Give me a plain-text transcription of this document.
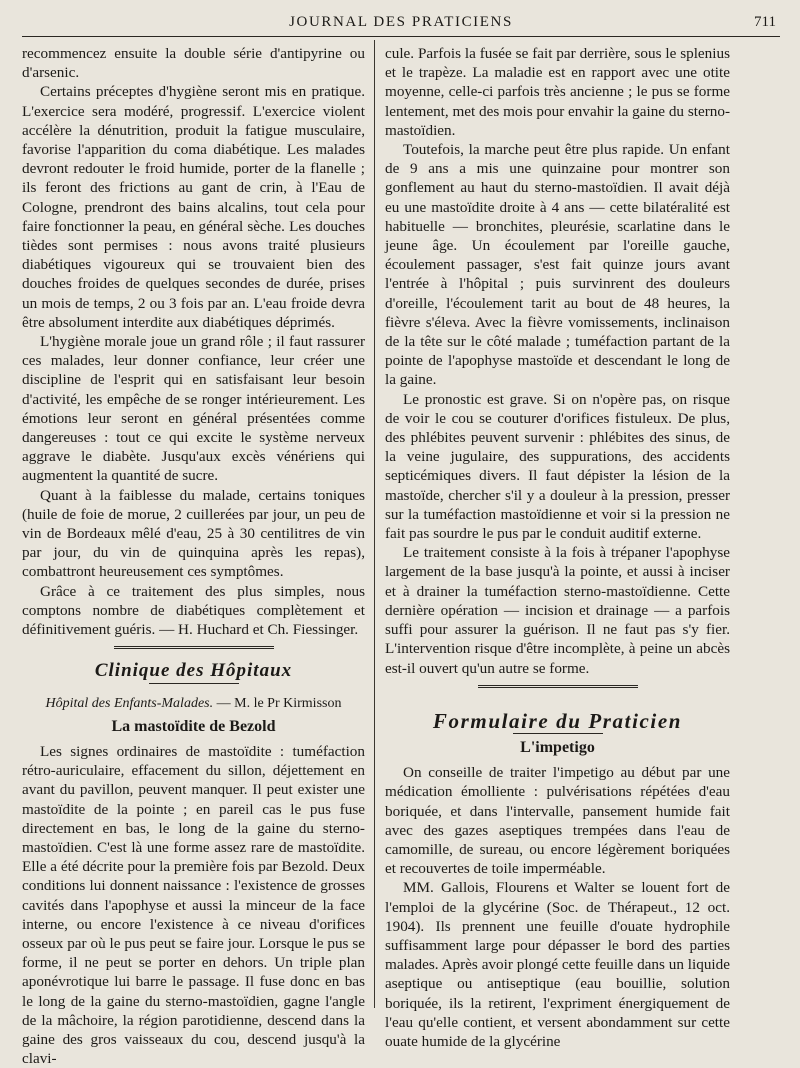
JOURNAL DES PRATICIENS	711

recommencez ensuite la double série d'antipyrine ou d'arsenic.

Certains préceptes d'hygiène seront mis en pratique. L'exercice sera modéré, progressif. L'exercice violent accélère la dénutrition, produit la fatigue musculaire, favorise l'apparition du coma diabétique. Les malades devront redouter le froid humide, porter de la flanelle ; ils feront des frictions au gant de crin, à l'Eau de Cologne, prendront des bains alcalins, tout cela pour faire fonctionner la peau, en général sèche. Les douches tièdes sont permises : nous avons traité plusieurs diabétiques vigoureux qui se trouvaient bien des douches froides de quelques secondes de durée, prises un mois de temps, 2 ou 3 fois par an. L'eau froide devra être absolument interdite aux diabétiques déprimés.

L'hygiène morale joue un grand rôle ; il faut rassurer ces malades, leur donner confiance, leur créer une discipline de l'esprit qui en satisfaisant leur besoin d'activité, les empêche de se ronger intérieurement. Les émotions leur seront en général présentées comme dangereuses : tout ce qui excite le système nerveux aggrave le diabète. Jusqu'aux excès vénériens qui augmentent la quantité de sucre.

Quant à la faiblesse du malade, certains toniques (huile de foie de morue, 2 cuillerées par jour, un peu de vin de Bordeaux mêlé d'eau, 25 à 30 centilitres de vin par jour, du vin de quinquina après les repas), combattront heureusement ces symptômes.

Grâce à ce traitement des plus simples, nous comptons nombre de diabétiques complètement et définitivement guéris. — H. Huchard et Ch. Fiessinger.

Clinique des Hôpitaux
Hôpital des Enfants-Malades. — M. le Pr Kirmisson
La mastoïdite de Bezold

Les signes ordinaires de mastoïdite : tuméfaction rétro-auriculaire, effacement du sillon, déjettement en avant du pavillon, peuvent manquer. Il peut exister une mastoïdite de la pointe ; en pareil cas le pus fuse directement en bas, le long de la gaine du sterno-mastoïdien. C'est là une forme assez rare de mastoïdite. Elle a été décrite pour la première fois par Bezold. Deux conditions lui donnent naissance : l'existence de grosses cavités dans l'apophyse et aussi la minceur de la face interne, ou encore l'existence à ce niveau d'orifices osseux par où le pus peut se faire jour. Lorsque le pus se forme, il ne peut se porter en dehors. Un triple plan aponévrotique lui barre le passage. Il fuse donc en bas le long de la gaine du sterno-mastoïdien, gagne l'angle de la mâchoire, la région parotidienne, descend dans la gaine des gros vaisseaux du cou, descend jusqu'à la clavi-

cule. Parfois la fusée se fait par derrière, sous le splenius et le trapèze. La maladie est en rapport avec une otite moyenne, celle-ci parfois très ancienne ; le pus se forme lentement, met des mois pour envahir la gaine du sterno-mastoïdien.

Toutefois, la marche peut être plus rapide. Un enfant de 9 ans a mis une quinzaine pour montrer son gonflement au haut du sterno-mastoïdien. Il avait déjà eu une mastoïdite droite à 4 ans — cette bilatéralité est habituelle — bronchites, pleurésie, scarlatine dans le jeune âge. Un écoulement par l'oreille gauche, écoulement passager, s'est fait quinze jours avant l'entrée à l'hôpital ; puis survinrent des douleurs d'oreille, l'écoulement tarit au bout de 48 heures, la fièvre s'éleva. Avec la fièvre vomissements, inclinaison de la tête sur le côté malade ; tuméfaction partant de la pointe de l'apophyse mastoïde et descendant le long de la gaine.

Le pronostic est grave. Si on n'opère pas, on risque de voir le cou se couturer d'orifices fistuleux. De plus, des phlébites peuvent survenir : phlébites des sinus, de la veine jugulaire, des suppurations, des accidents septicémiques divers. Il faut dépister la lésion de la mastoïde, chercher s'il y a douleur à la pression, presser sur la tuméfaction mastoïdienne et voir si la pression ne fait pas sourdre le pus par le conduit auditif externe.

Le traitement consiste à la fois à trépaner l'apophyse largement de la base jusqu'à la pointe, et aussi à inciser et à drainer la tuméfaction sterno-mastoïdienne. Cette dernière opération — incision et drainage — a parfois suffi pour assurer la guérison. Il ne faut pas s'y fier. L'intervention risque d'être incomplète, à peine un abcès est-il ouvert qu'un autre se forme.

Formulaire du Praticien
L'impetigo

On conseille de traiter l'impetigo au début par une médication émolliente : pulvérisations répétées d'eau boriquée, et dans l'intervalle, pansement humide fait avec des gazes aseptiques trempées dans l'eau de camomille, de sureau, ou encore légèrement boriquées et recouvertes de toile imperméable.

MM. Gallois, Flourens et Walter se louent fort de l'emploi de la glycérine (Soc. de Thérapeut., 12 oct. 1904). Ils prennent une feuille d'ouate hydrophile suffisamment large pour dépasser le bord des parties malades. Après avoir plongé cette feuille dans un liquide aseptique ou antiseptique (eau bouillie, solution boriquée, ils la retirent, l'expriment énergiquement de l'eau qu'elle contient, et versent abondamment sur cette ouate humide de la glycérine
